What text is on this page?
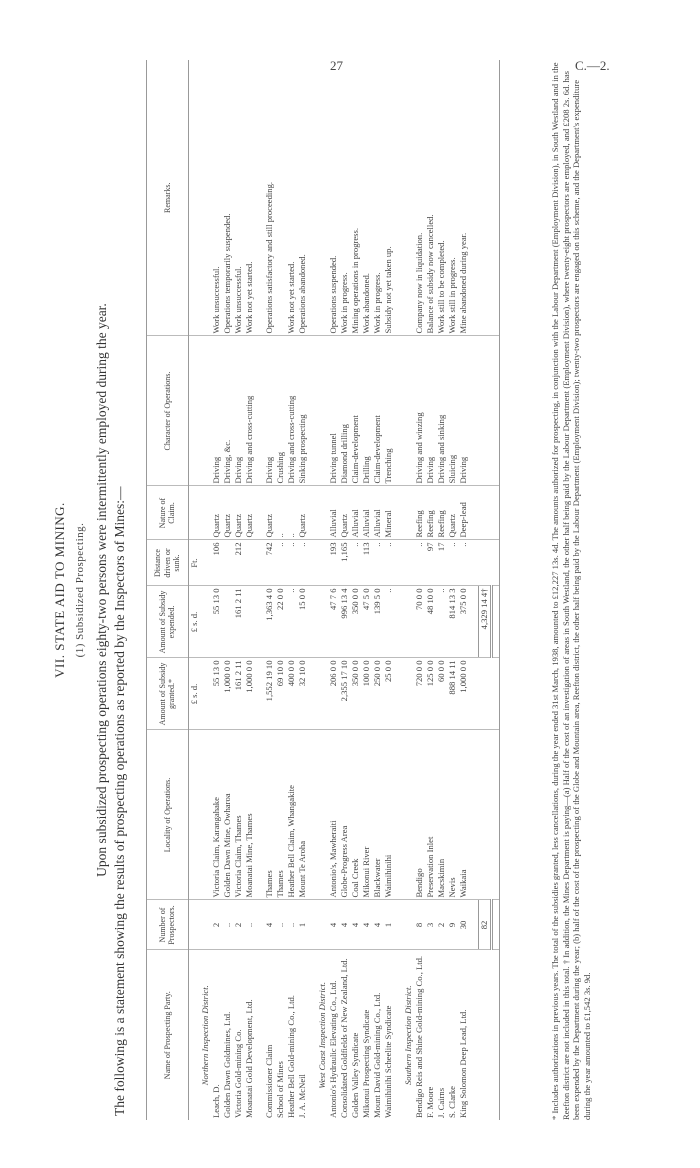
27	C.—2.
VII. STATE AID TO MINING. (1) Subsidized Prospecting. Upon subsidized prospecting operations eighty-two persons were intermittently employed during the year. The following is a statement showing the results of prospecting operations as reported by the Inspectors of Mines:—	Name of Prospecting Party.	Number of Prospectors.	Locality of Operations.	Amount of Subsidy granted.*	Amount of Subsidy expended.	Distance driven or sunk.	Nature of Claim.	Character of Operations.	Remarks.
			£ s. d.	£ s. d.	Ft.			
Northern Inspection District.								
Leach, D.	2	Victoria Claim, Karangahake	55 13 0	55 13 0	106	Quartz	Driving	Work unsuccessful.
Golden Dawn Goldmines, Ltd.	..	Golden Dawn Mine, Owharoa	1,000 0 0			Quartz	Driving, &c.	Operations temporarily suspended.
Victoria Gold-mining Co.	2	Victoria Claim, Thames	161 2 11	161 2 11	212	Quartz	Driving	Work unsuccessful.
Moanatai Gold Development, Ltd.	..	Moanatai Mine, Thames	1,000 0 0			Quartz	Driving and cross-cutting	Work not yet started.

Commissioner Claim	4	Thames	1,552 19 10	1,363 4 0	742	Quartz	Driving	Operations satisfactory and still proceeding.
School of Mines	..	Thames	69 10 0	22 0 0	..	..	Crushing	
Heather Bell Gold-mining Co., Ltd.	..	Heather Bell Claim, Whangakite	400 0 0	..	..	..	Driving and cross-cutting	Work not yet started.
J. A. McNeil	1	Mount Te Aroha	32 10 0	15 0 0	..	Quartz	Sinking prospecting	Operations abandoned.

West Coast Inspection District.								
Antonio's Hydraulic Elevating Co., Ltd.	4	Antonio's, Mawheraiti	206 0 0	47 7 6	193	Alluvial	Driving tunnel	Operations suspended.
Consolidated Goldfields of New Zealand, Ltd.	4	Globe-Progress Area	2,355 17 10	996 13 4	1,165	Quartz	Diamond drilling	Work in progress.
Golden Valley Syndicate	4	Coal Creek	350 0 0	350 0 0	..	Alluvial	Claim-development	Mining operations in progress.
Mikonui Prospecting Syndicate	4	Mikonui River	100 0 0	47 5 0	113	Alluvial	Drilling	Work abandoned.
Mount David Gold-mining Co., Ltd.	4	Blackwater	250 0 0	139 5 0	..	Alluvial	Claim-development	Work in progress.
Waimihinihi Scheelite Syndicate	1	Waimihinihi	25 0 0	..	..	Mineral	Trenching	Subsidy not yet taken up.

Southern Inspection District.								
Bendigo Reis and Shine Gold-mining Co., Ltd.	8	Bendigo	720 0 0	70 0 0	..	Reefing	Driving and winzing	Company now in liquidation.
F. Moore	3	Preservation Inlet	125 0 0	48 10 0	97	Reefing	Driving	Balance of subsidy now cancelled.
J. Cairns	2	Macskimin	60 0 0	..	17	Reefing	Driving and sinking	Work still to be completed.
S. Clarke	9	Nevis	888 14 11	814 13 3	..	Quartz	Sluicing	Work still in progress.
King Solomon Deep Lead, Ltd.	30	Waikaia	1,000 0 0	375 0 0	..	Deep-lead	Driving	Mine abandoned during year.

	82			4,329 14 4†				
									* Includes authorizations in previous years. The total of the subsidies granted, less cancellations, during the year ended 31st March, 1938, amounted to £12,227 13s. 4d. The amounts authorized for prospecting, in conjunction with the Labour Department (Employment Division), in South Westland and in the Reefton district are not included in this total. † In addition, the Mines Department is paying—(a) Half of the cost of an investigation of areas in South Westland, the other half being paid by the Labour Department (Employment Division), where twenty-eight prospectors are employed, and £208 2s. 6d. has been expended by the Department during the year; (b) half of the cost of the prospecting of the Globe and Mountain area, Reefton district, the other half being paid by the Labour Department (Employment Division); twenty-two prospectors are engaged on this scheme, and the Department's expenditure during the year amounted to £1,542 3s. 9d.
